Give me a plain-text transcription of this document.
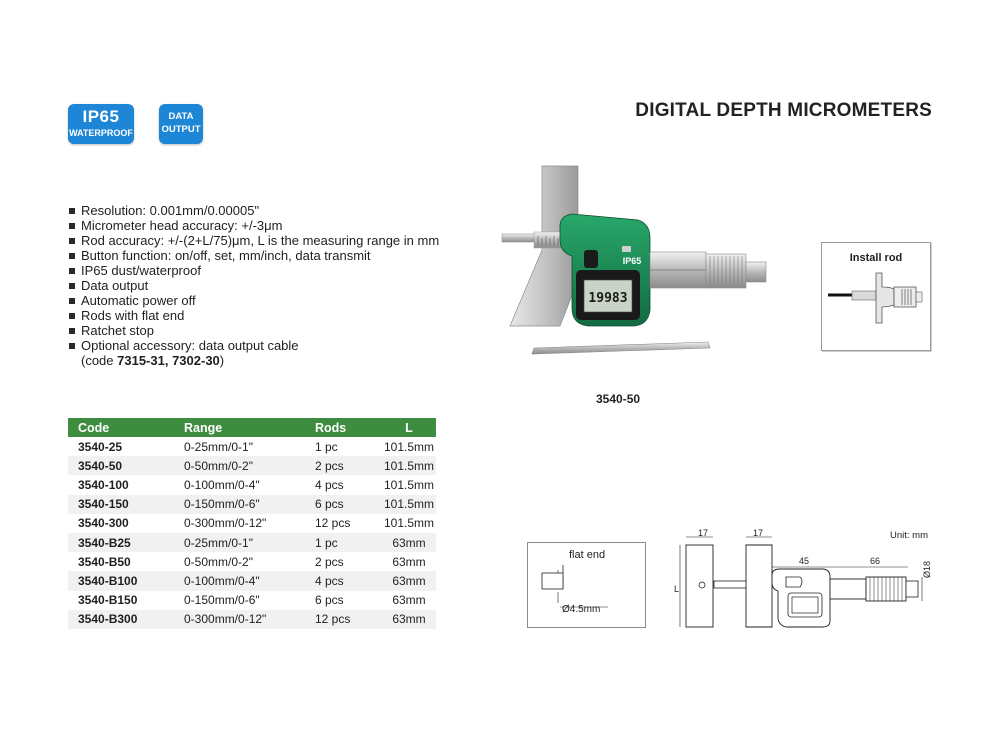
IP65
WATERPROOF
DATA
OUTPUT
DIGITAL DEPTH MICROMETERS
Resolution: 0.001mm/0.00005"
Micrometer head accuracy: +/-3μm
Rod accuracy: +/-(2+L/75)μm, L is the measuring range in mm
Button function: on/off, set, mm/inch, data transmit
IP65 dust/waterproof
Data output
Automatic power off
Rods with flat end
Ratchet stop
Optional accessory: data output cable
(code 7315-31, 7302-30)
19983
IP65
3540-50
Install rod
Code	Range	Rods	L
3540-25	0-25mm/0-1"	1 pc	101.5mm
3540-50	0-50mm/0-2"	2 pcs	101.5mm
3540-100	0-100mm/0-4"	4 pcs	101.5mm
3540-150	0-150mm/0-6"	6 pcs	101.5mm
3540-300	0-300mm/0-12"	12 pcs	101.5mm
3540-B25	0-25mm/0-1"	1 pc	63mm
3540-B50	0-50mm/0-2"	2 pcs	63mm
3540-B100	0-100mm/0-4"	4 pcs	63mm
3540-B150	0-150mm/0-6"	6 pcs	63mm
3540-B300	0-300mm/0-12"	12 pcs	63mm
flat end
Ø4.5mm
17	17
45	66
L
Ø18
Unit: mm
